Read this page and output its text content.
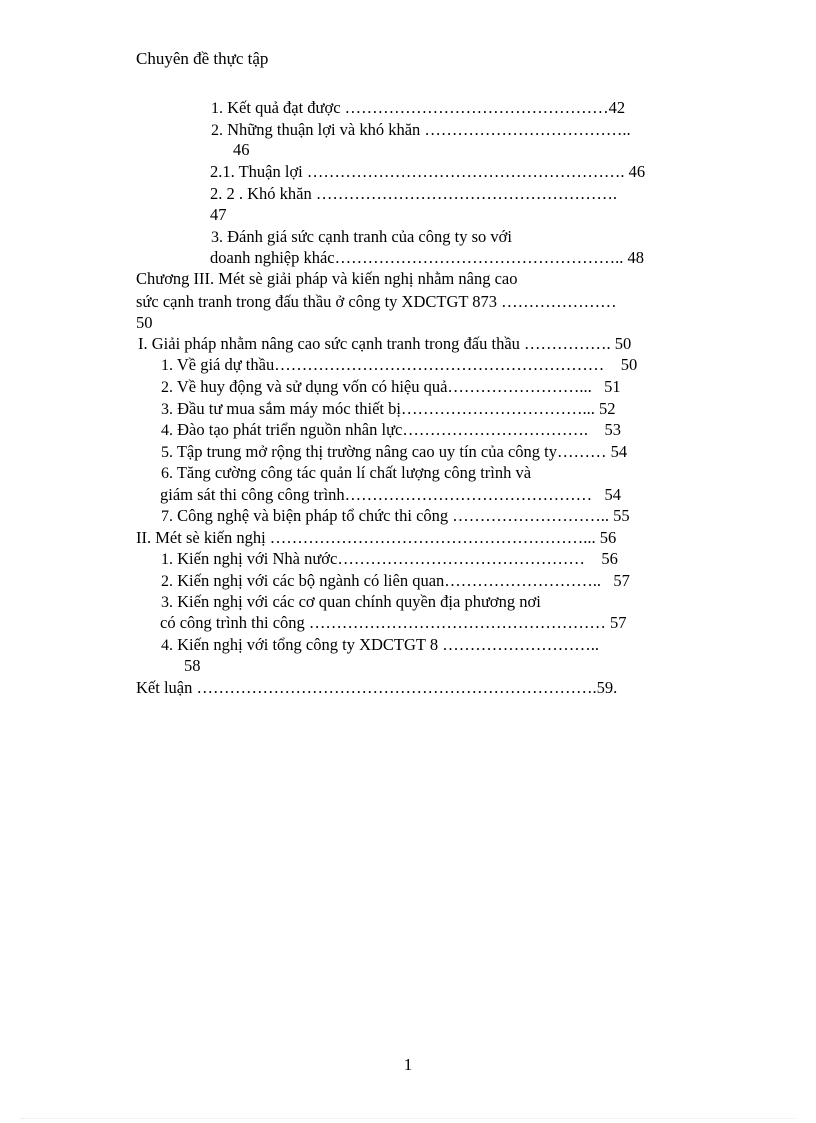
Chuyên đề thực tập
1. Kết quả đạt được …………………………………………42
2. Những thuận lợi và khó khăn ………………………………..
46
2.1. Thuận lợi …………………………………………………. 46
2. 2 . Khó khăn ……………………………………………….
47
3. Đánh giá sức cạnh tranh của công ty so với
doanh nghiệp khác…………………………………………….. 48
Chương III. Mét sè giải pháp và kiến nghị nhằm nâng cao
sức cạnh tranh trong đấu thầu ở công ty XDCTGT 873 …………………
50
I. Giải pháp nhằm nâng cao sức cạnh tranh trong đấu thầu ……………. 50
1. Về giá dự thầu……………………………………………………    50
2. Về huy động và sử dụng vốn có hiệu quả……………………...   51
3. Đầu tư mua sắm máy móc thiết bị……………………………... 52
4. Đào tạo phát triển nguồn nhân lực…………………………….    53
5. Tập trung mở rộng thị trường nâng cao uy tín của công ty……… 54
6. Tăng cường công tác quản lí chất lượng công trình và
giám sát thi công công trình………………………………………   54
7. Công nghệ và biện pháp tổ chức thi công ……………………….. 55
II. Mét sè kiến nghị …………………………………………………... 56
1. Kiến nghị với Nhà nước………………………………………    56
2. Kiến nghị với các bộ ngành có liên quan………………………..   57
3. Kiến nghị với các cơ quan chính quyền địa phương nơi
có công trình thi công ……………………………………………… 57
4. Kiến nghị với tổng công ty XDCTGT 8 ………………………..
58
Kết luận ……………………………………………………………….59.
1
